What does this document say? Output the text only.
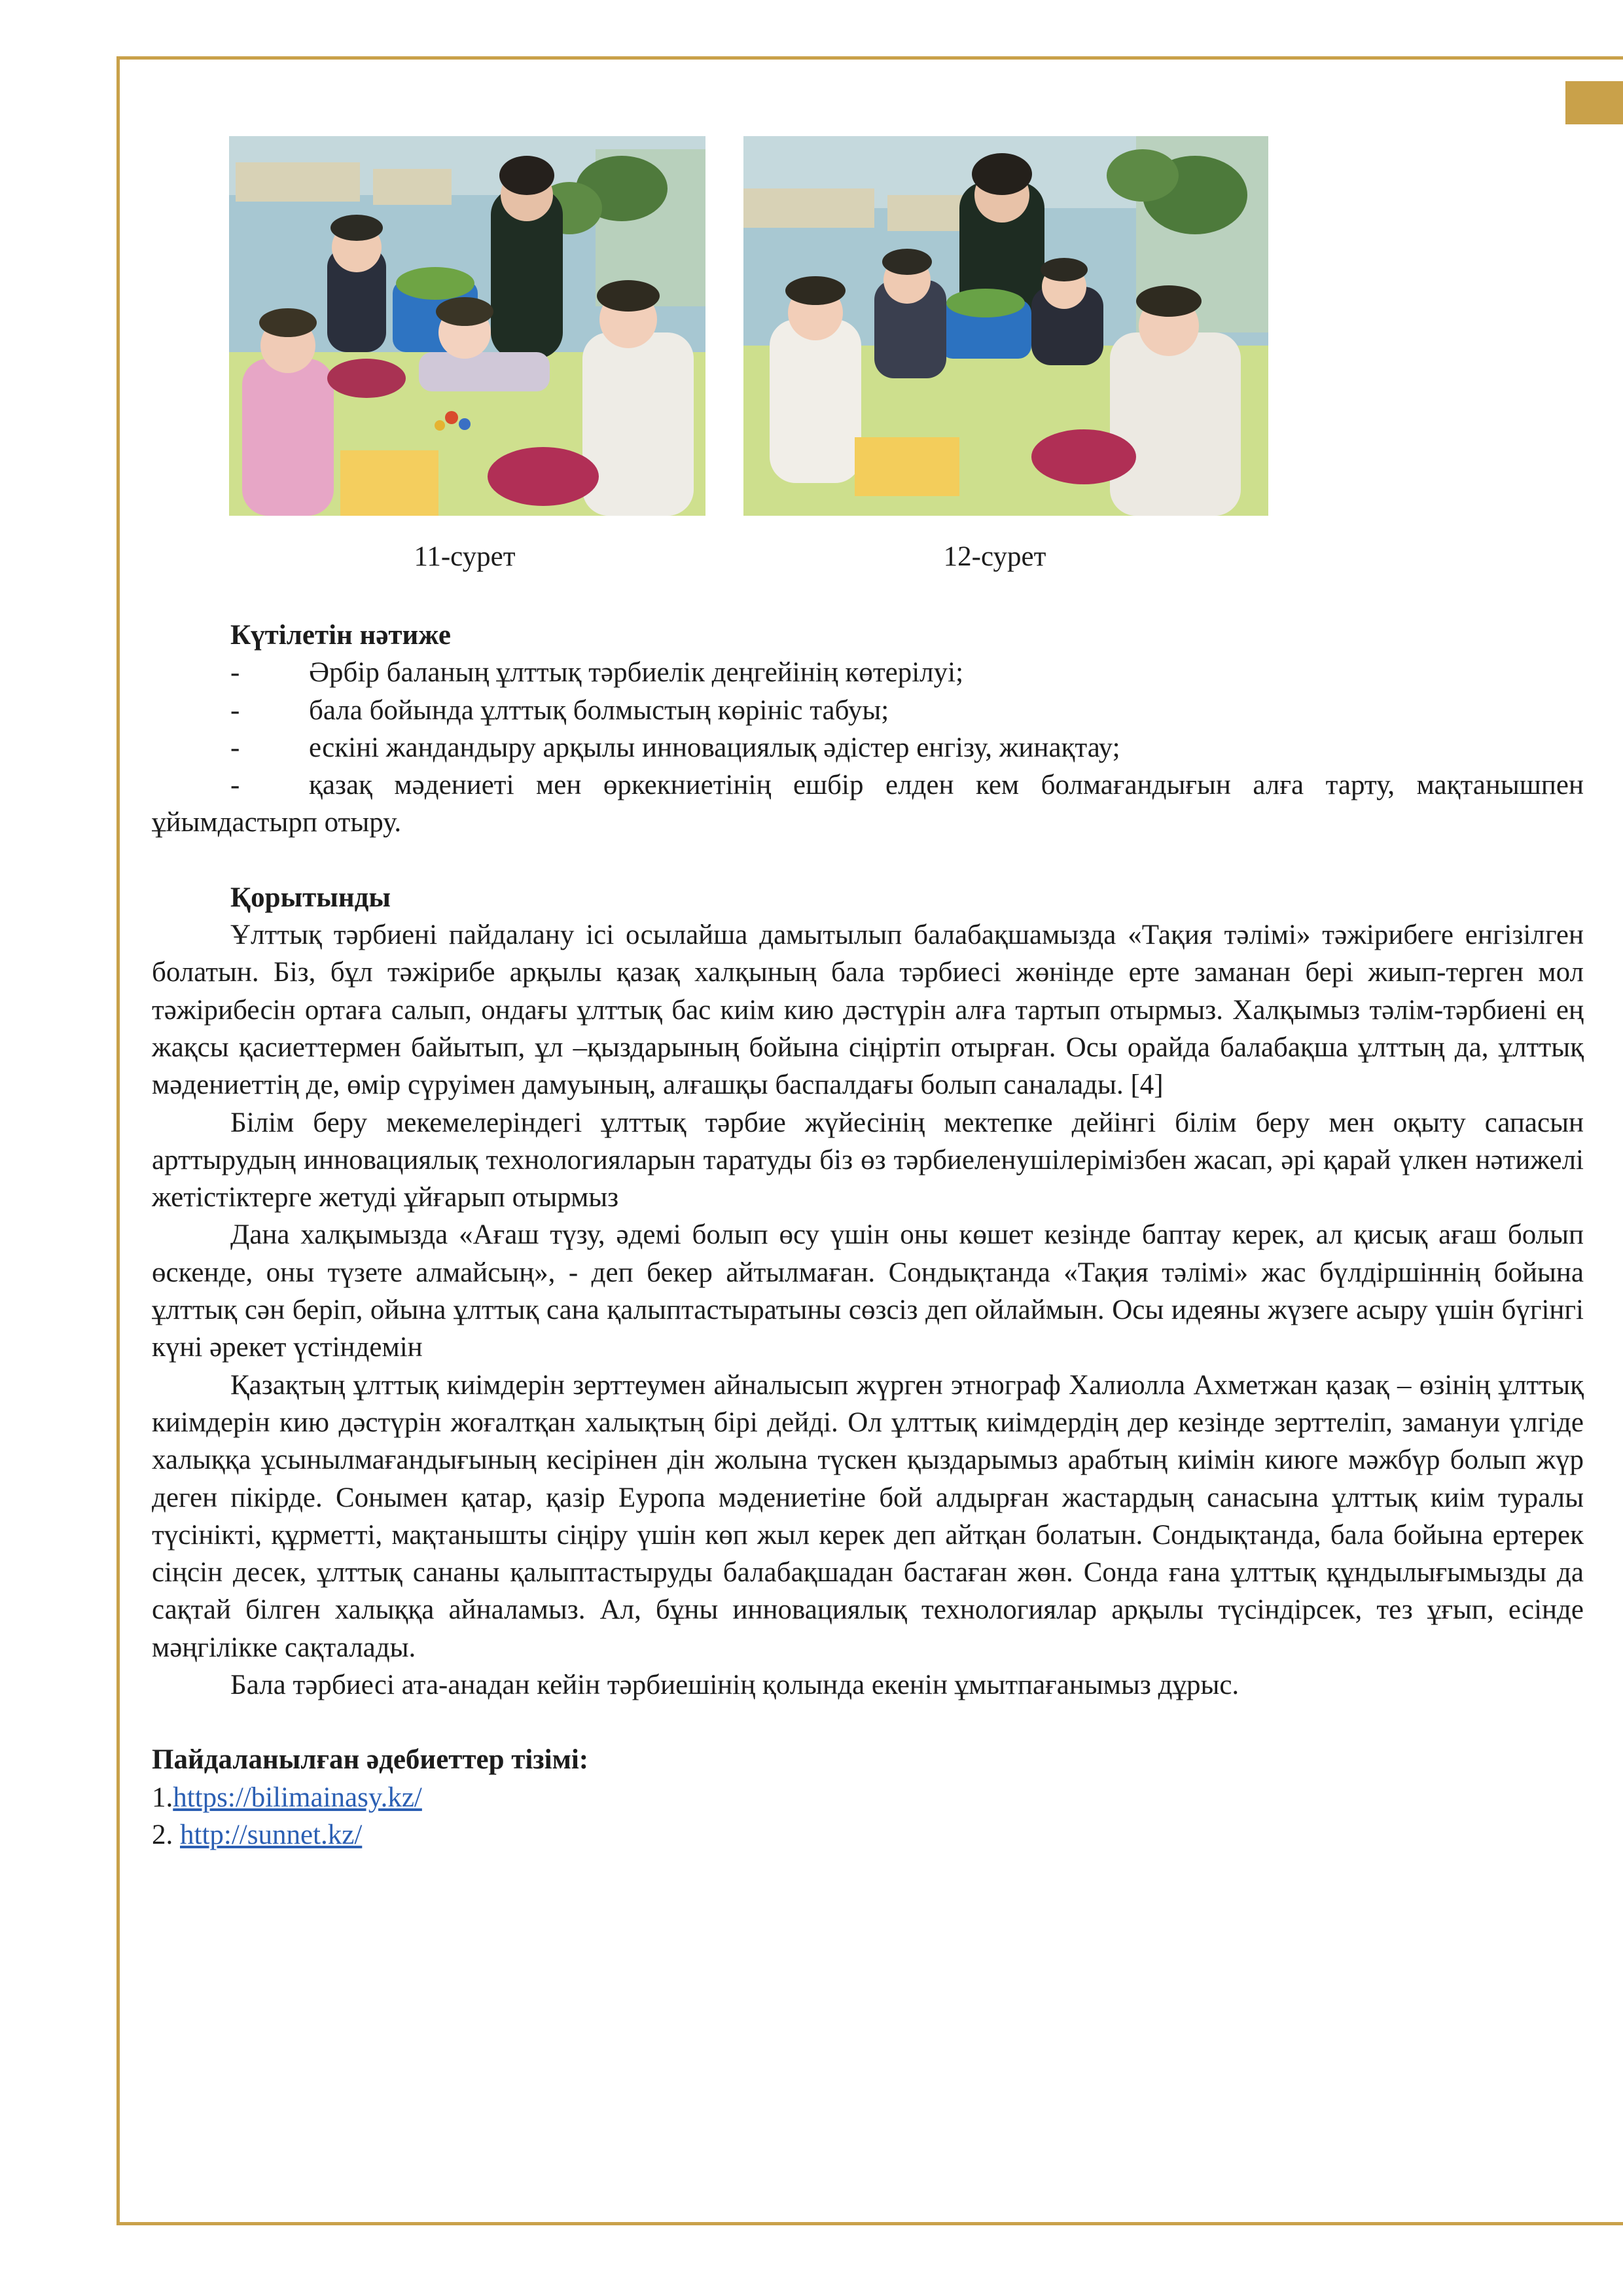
11-сурет	12-сурет
Күтілетін нәтиже
- Әрбір баланың ұлттық тәрбиелік деңгейінің көтерілуі;
- бала бойында ұлттық болмыстың көрініс табуы;
- ескіні жандандыру арқылы инновациялық әдістер енгізу, жинақтау;
- қазақ мәдениеті мен өркекниетінің ешбір елден кем болмағандығын алға тарту, мақтанышпен ұйымдастырп отыру.
Қорытынды
Ұлттық тәрбиені пайдалану ісі осылайша дамытылып балабақшамызда «Тақия тәлімі» тәжірибеге енгізілген болатын. Біз, бұл тәжірибе арқылы қазақ халқының бала тәрбиесі жөнінде ерте заманан бері жиып-терген мол тәжірибесін ортаға салып, ондағы ұлттық бас киім кию дәстүрін алға тартып отырмыз. Халқымыз тәлім-тәрбиені ең жақсы қасиеттермен байытып, ұл –қыздарының бойына сіңіртіп отырған. Осы орайда балабақша ұлттың да, ұлттық мәдениеттің де, өмір сүруімен дамуының, алғашқы баспалдағы болып саналады. [4]
Білім беру мекемелеріндегі ұлттық тәрбие жүйесінің мектепке дейінгі білім беру мен оқыту сапасын арттырудың инновациялық технологияларын таратуды біз өз тәрбиеленушілерімізбен жасап, әрі қарай үлкен нәтижелі жетістіктерге жетуді ұйғарып отырмыз
Дана халқымызда «Ағаш түзу, әдемі болып өсу үшін оны көшет кезінде баптау керек, ал қисық ағаш болып өскенде, оны түзете алмайсың», - деп бекер айтылмаған. Сондықтанда «Тақия тәлімі» жас бүлдіршіннің бойына ұлттық сән беріп, ойына ұлттық сана қалыптастыратыны сөзсіз деп ойлаймын. Осы идеяны жүзеге асыру үшін бүгінгі күні әрекет үстіндемін
Қазақтың ұлттық киімдерін зерттеумен айналысып жүрген этнограф Халиолла Ахметжан қазақ – өзінің ұлттық киімдерін кию дәстүрін жоғалтқан халықтың бірі дейді. Ол ұлттық киімдердің дер кезінде зерттеліп, замануи үлгіде халыққа ұсынылмағандығының кесірінен дін жолына түскен қыздарымыз арабтың киімін киюге мәжбүр болып жүр деген пікірде. Сонымен қатар, қазір Еуропа мәдениетіне бой алдырған жастардың санасына ұлттық киім туралы түсінікті, құрметті, мақтанышты сіңіру үшін көп жыл керек деп айтқан болатын. Сондықтанда, бала бойына ертерек сіңсін десек, ұлттық сананы қалыптастыруды балабақшадан бастаған жөн. Сонда ғана ұлттық құндылығымызды да сақтай білген халыққа айналамыз. Ал, бұны инновациялық технологиялар арқылы түсіндірсек, тез ұғып, есінде мәңгілікке сақталады.
Бала тәрбиесі ата-анадан кейін тәрбиешінің қолында екенін ұмытпағанымыз дұрыс.
Пайдаланылған әдебиеттер тізімі:
1.https://bilimainasy.kz/
2. http://sunnet.kz/
